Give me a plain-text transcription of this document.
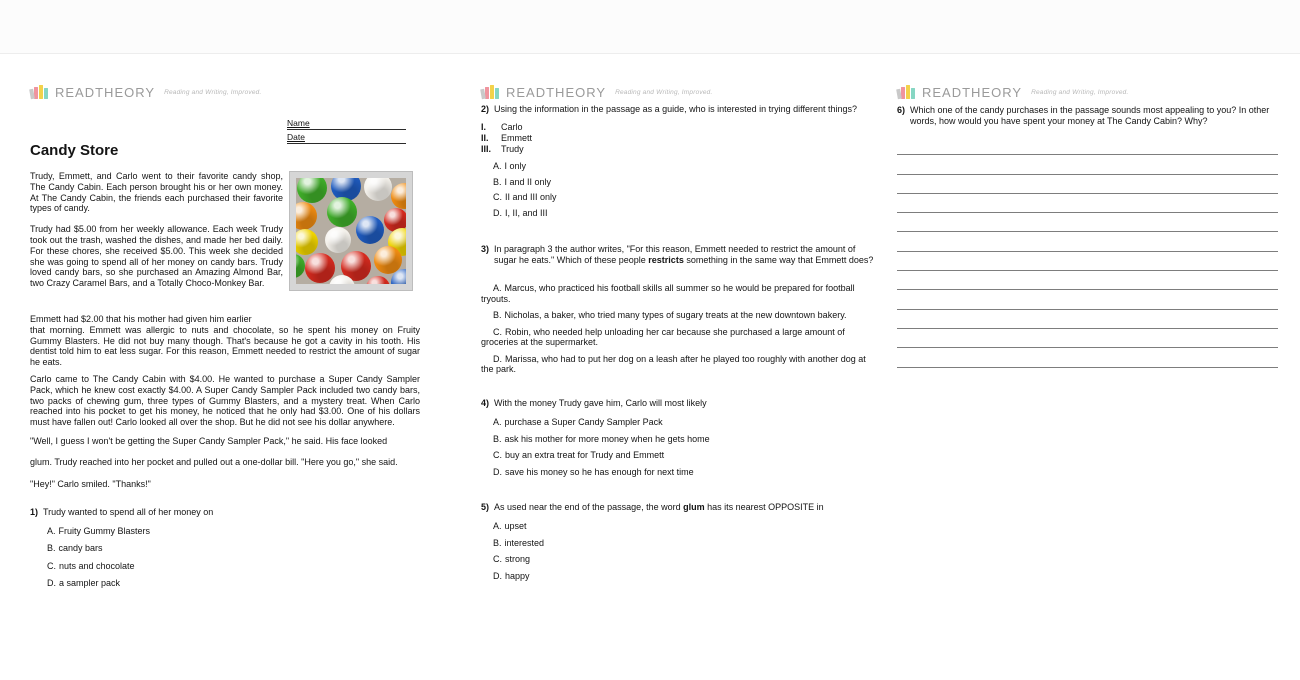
READTHEORY Reading and Writing, Improved.
Name
Date
Candy Store

Trudy, Emmett, and Carlo went to their favorite candy shop, The Candy Cabin. Each person brought his or her own money. At The Candy Cabin, the friends each purchased their favorite types of candy.

Trudy had $5.00 from her weekly allowance. Each week Trudy took out the trash, washed the dishes, and made her bed daily. For these chores, she received $5.00. This week she decided she was going to spend all of her money on candy bars. Trudy loved candy bars, so she purchased an Amazing Almond Bar, two Crazy Caramel Bars, and a Totally Choco-Monkey Bar.

Emmett had $2.00 that his mother had given him earlier
that morning. Emmett was allergic to nuts and chocolate, so he spent his money on Fruity Gummy Blasters. He did not buy many though. That's because he got a cavity in his tooth. His dentist told him to eat less sugar. For this reason, Emmett needed to restrict the amount of sugar he eats.

Carlo came to The Candy Cabin with $4.00. He wanted to purchase a Super Candy Sampler Pack, which he knew cost exactly $4.00. A Super Candy Sampler Pack included two candy bars, two packs of chewing gum, three types of Gummy Blasters, and a mystery treat. When Carlo reached into his pocket to get his money, he noticed that he only had $3.00. One of his dollars must have fallen out! Carlo looked all over the shop. But he did not see his dollar anywhere.

"Well, I guess I won't be getting the Super Candy Sampler Pack," he said. His face looked
glum. Trudy reached into her pocket and pulled out a one-dollar bill. "Here you go," she said.
"Hey!" Carlo smiled. "Thanks!"
1) Trudy wanted to spend all of her money on
A. Fruity Gummy Blasters
B. candy bars
C. nuts and chocolate
D. a sampler pack
READTHEORY Reading and Writing, Improved.
2) Using the information in the passage as a guide, who is interested in trying different things?
I.	Carlo
II.	Emmett
III.	Trudy
A. I only
B. I and II only
C. II and III only
D. I, II, and III
3) In paragraph 3 the author writes, "For this reason, Emmett needed to restrict the amount of sugar he eats." Which of these people restricts something in the same way that Emmett does?

A. Marcus, who practiced his football skills all summer so he would be prepared for football tryouts.

B. Nicholas, a baker, who tried many types of sugary treats at the new downtown bakery.

C. Robin, who needed help unloading her car because she purchased a large amount of groceries at the supermarket.

D. Marissa, who had to put her dog on a leash after he played too roughly with another dog at the park.

4) With the money Trudy gave him, Carlo will most likely
A. purchase a Super Candy Sampler Pack
B. ask his mother for more money when he gets home
C. buy an extra treat for Trudy and Emmett
D. save his money so he has enough for next time
5) As used near the end of the passage, the word glum has its nearest OPPOSITE in
A. upset
B. interested
C. strong
D. happy
READTHEORY Reading and Writing, Improved.
6) Which one of the candy purchases in the passage sounds most appealing to you? In other words, how would you have spent your money at The Candy Cabin? Why?
